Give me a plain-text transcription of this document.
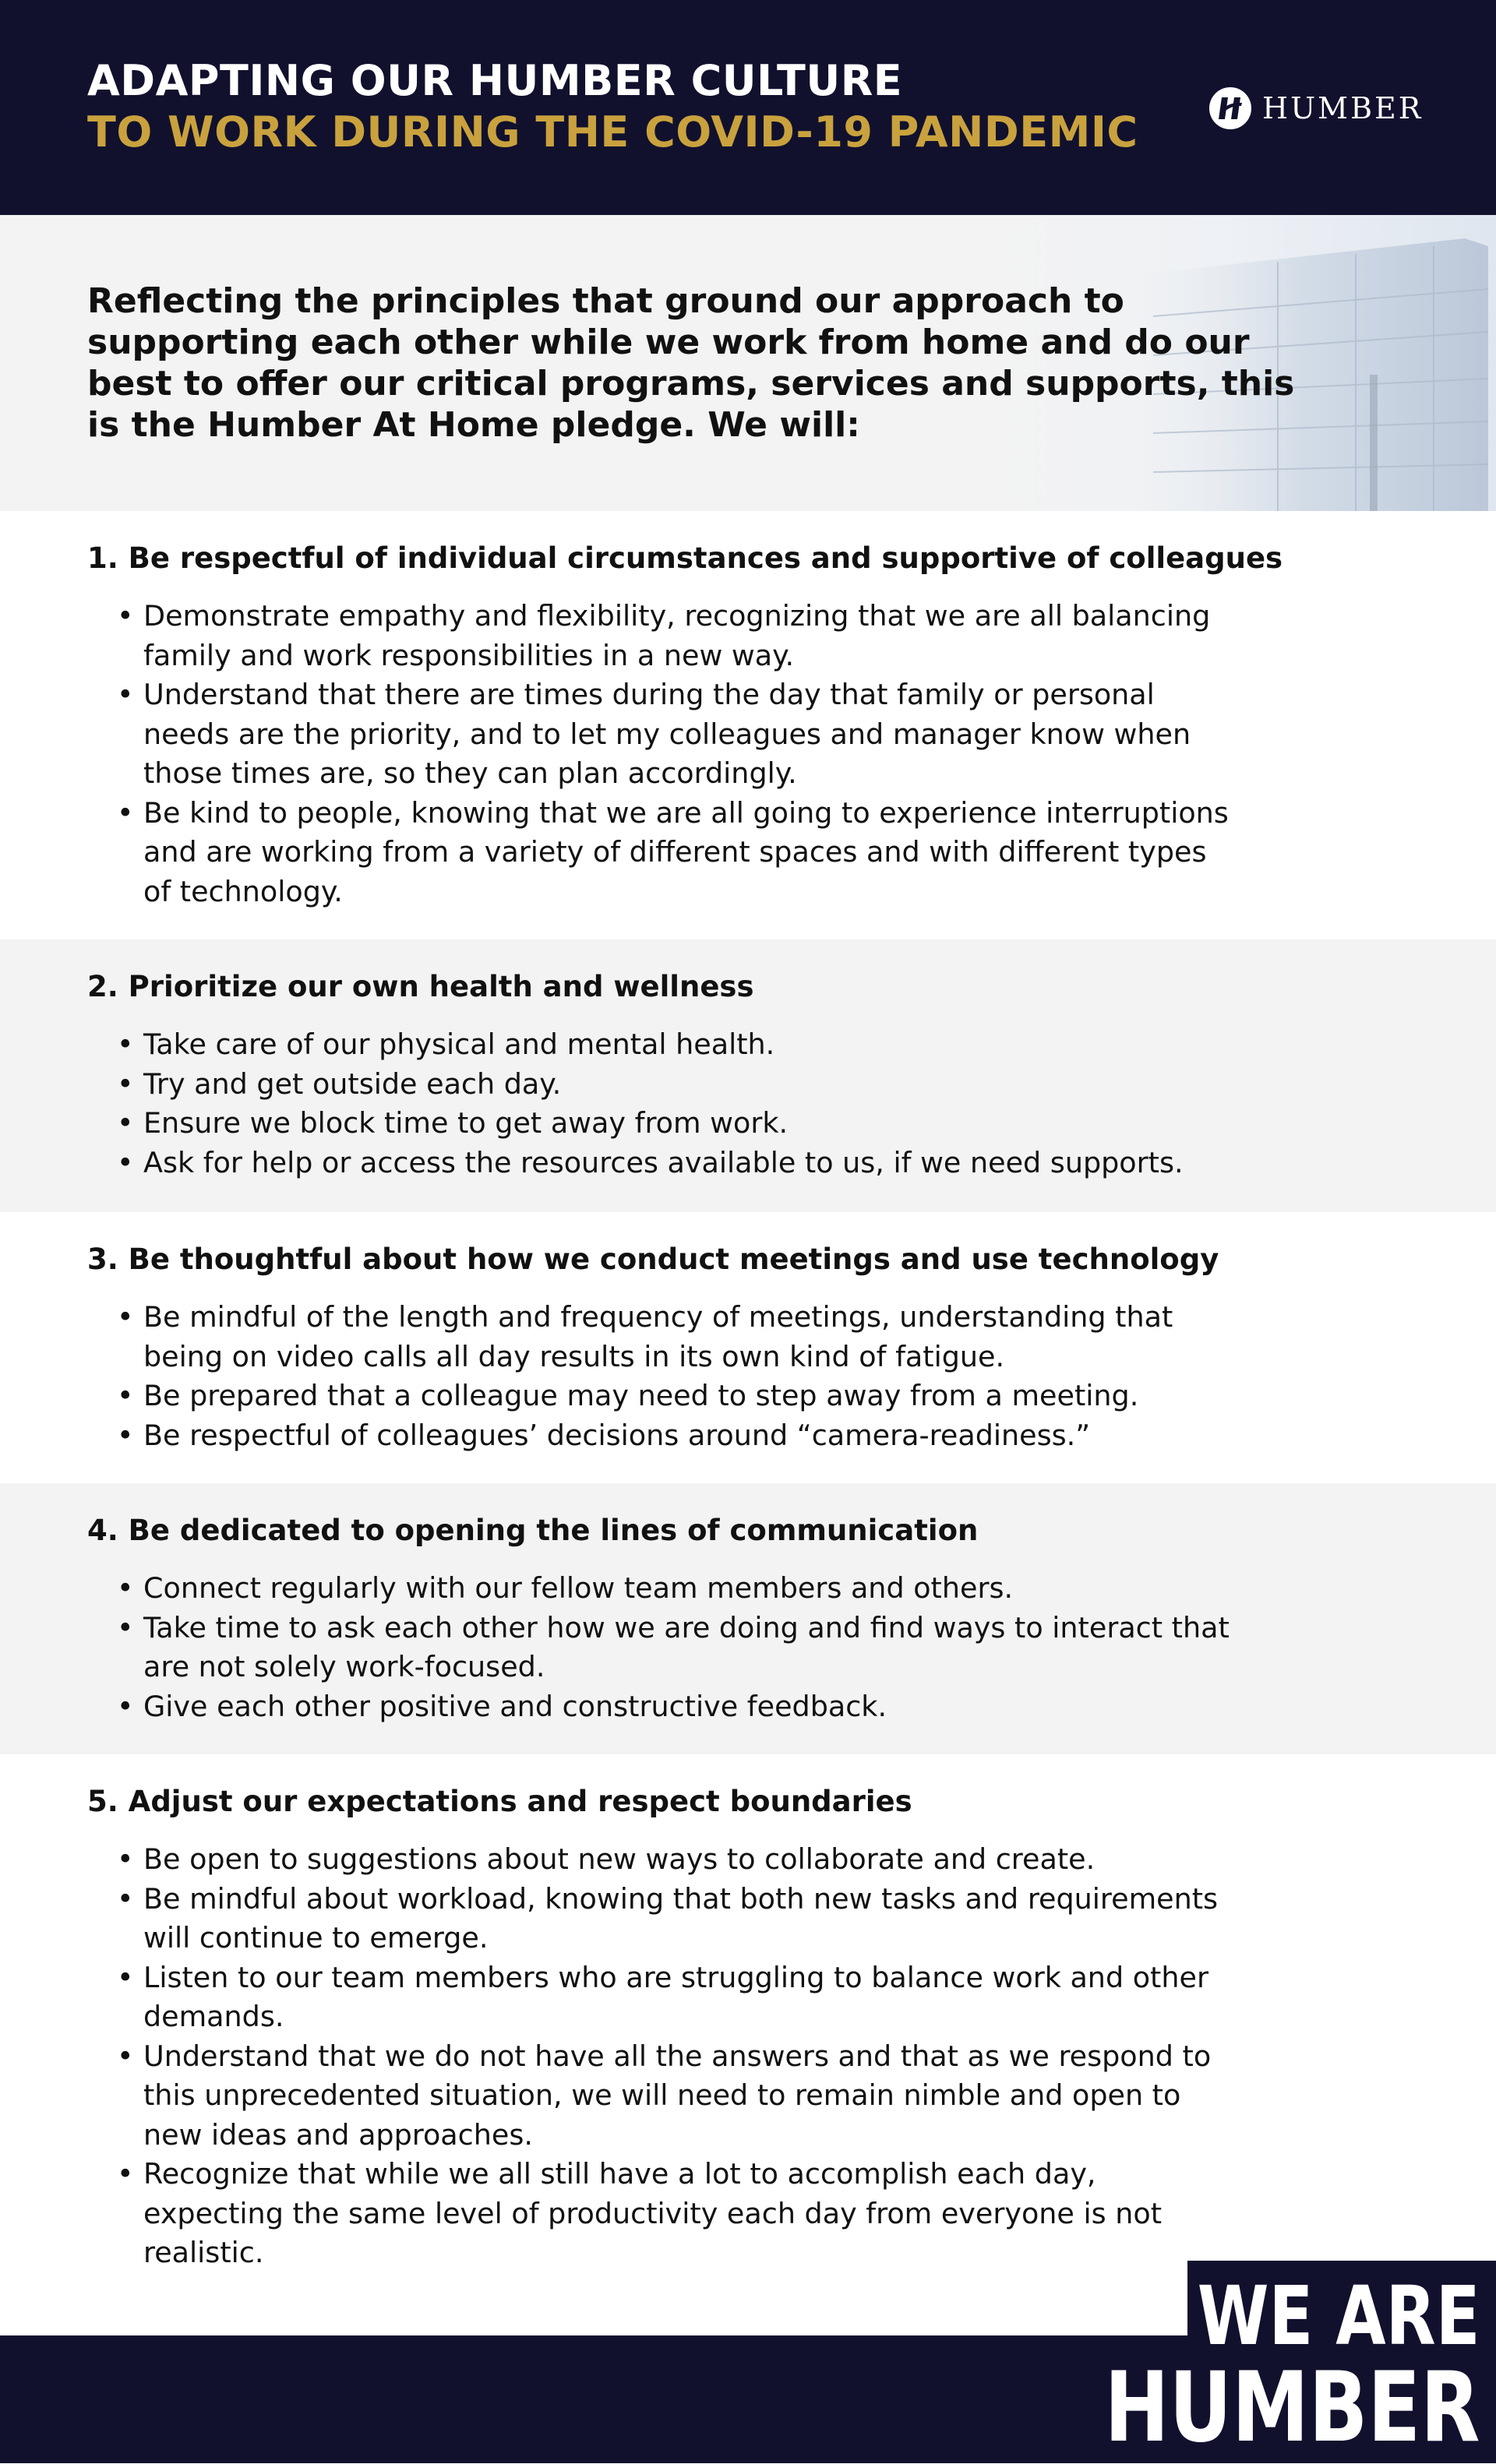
ADAPTING OUR HUMBER CULTURE
TO WORK DURING THE COVID-19 PANDEMIC	HUMBER
Reflecting the principles that ground our approach to supporting each other while we work from home and do our best to offer our critical programs, services and supports, this is the Humber At Home pledge. We will:
1. Be respectful of individual circumstances and supportive of colleagues
• Demonstrate empathy and flexibility, recognizing that we are all balancing family and work responsibilities in a new way.
• Understand that there are times during the day that family or personal needs are the priority, and to let my colleagues and manager know when those times are, so they can plan accordingly.
• Be kind to people, knowing that we are all going to experience interruptions and are working from a variety of different spaces and with different types of technology.
2. Prioritize our own health and wellness
• Take care of our physical and mental health.
• Try and get outside each day.
• Ensure we block time to get away from work.
• Ask for help or access the resources available to us, if we need supports.
3. Be thoughtful about how we conduct meetings and use technology
• Be mindful of the length and frequency of meetings, understanding that being on video calls all day results in its own kind of fatigue.
• Be prepared that a colleague may need to step away from a meeting.
• Be respectful of colleagues’ decisions around “camera-readiness.”
4. Be dedicated to opening the lines of communication
• Connect regularly with our fellow team members and others.
• Take time to ask each other how we are doing and find ways to interact that are not solely work-focused.
• Give each other positive and constructive feedback.
5. Adjust our expectations and respect boundaries
• Be open to suggestions about new ways to collaborate and create.
• Be mindful about workload, knowing that both new tasks and requirements will continue to emerge.
• Listen to our team members who are struggling to balance work and other demands.
• Understand that we do not have all the answers and that as we respond to this unprecedented situation, we will need to remain nimble and open to new ideas and approaches.
• Recognize that while we all still have a lot to accomplish each day, expecting the same level of productivity each day from everyone is not realistic.
WE ARE
HUMBER
